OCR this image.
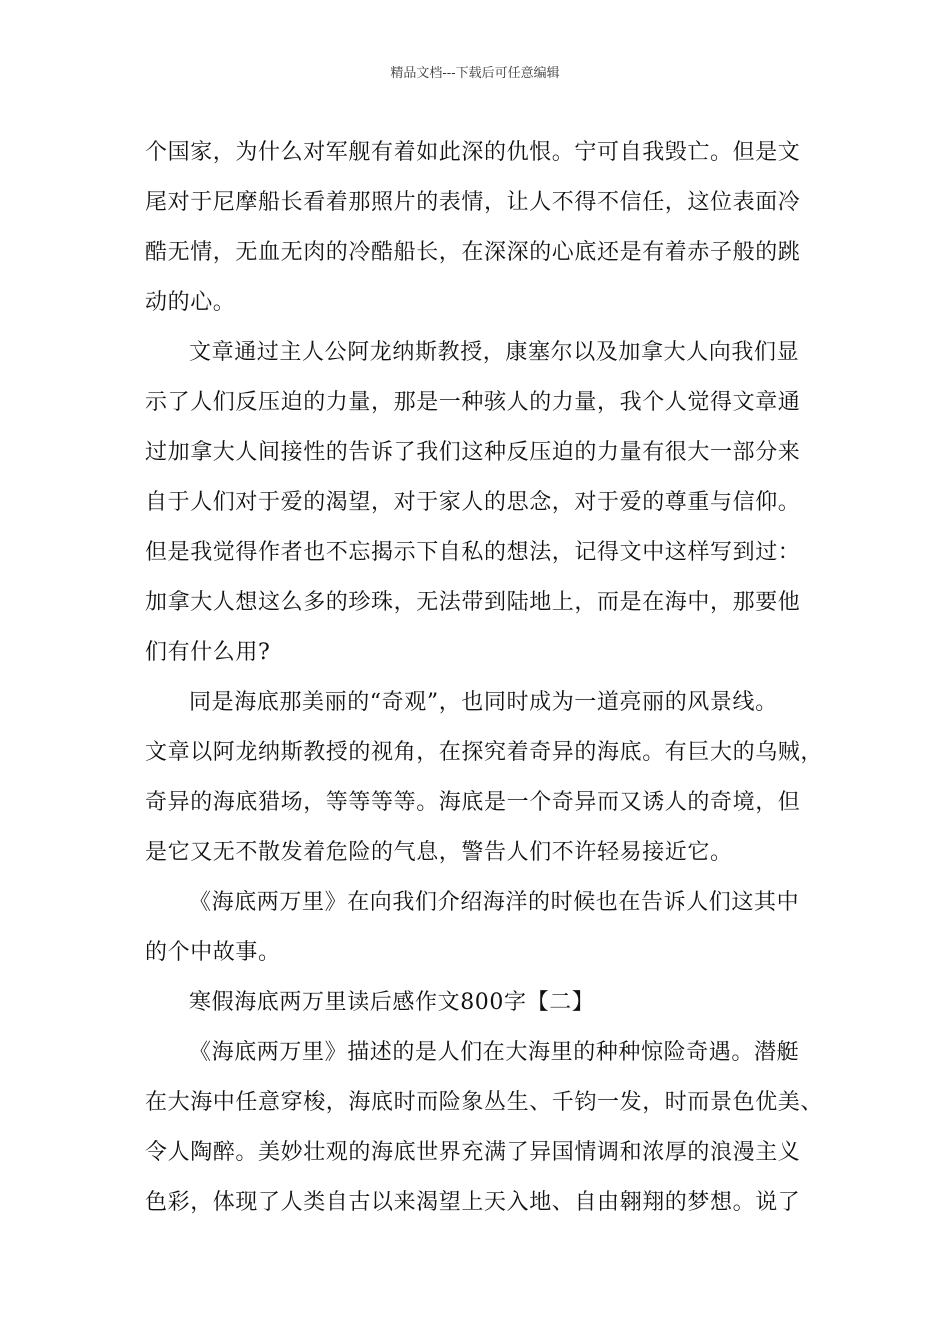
精品文档---下载后可任意编辑
个国家，为什么对军舰有着如此深的仇恨。宁可自我毁亡。但是文
尾对于尼摩船长看着那照片的表情，让人不得不信任，这位表面冷
酷无情，无血无肉的冷酷船长，在深深的心底还是有着赤子般的跳
动的心。
文章通过主人公阿龙纳斯教授，康塞尔以及加拿大人向我们显
示了人们反压迫的力量，那是一种骇人的力量，我个人觉得文章通
过加拿大人间接性的告诉了我们这种反压迫的力量有很大一部分来
自于人们对于爱的渴望，对于家人的思念，对于爱的尊重与信仰。
但是我觉得作者也不忘揭示下自私的想法，记得文中这样写到过：
加拿大人想这么多的珍珠，无法带到陆地上，而是在海中，那要他
们有什么用?
同是海底那美丽的“奇观”，也同时成为一道亮丽的风景线。
文章以阿龙纳斯教授的视角，在探究着奇异的海底。有巨大的乌贼，
奇异的海底猎场，等等等等。海底是一个奇异而又诱人的奇境，但
是它又无不散发着危险的气息，警告人们不许轻易接近它。
《海底两万里》在向我们介绍海洋的时候也在告诉人们这其中
的个中故事。
寒假海底两万里读后感作文800字【二】
《海底两万里》描述的是人们在大海里的种种惊险奇遇。潜艇
在大海中任意穿梭，海底时而险象丛生、千钧一发，时而景色优美、
令人陶醉。美妙壮观的海底世界充满了异国情调和浓厚的浪漫主义
色彩，体现了人类自古以来渴望上天入地、自由翱翔的梦想。说了
